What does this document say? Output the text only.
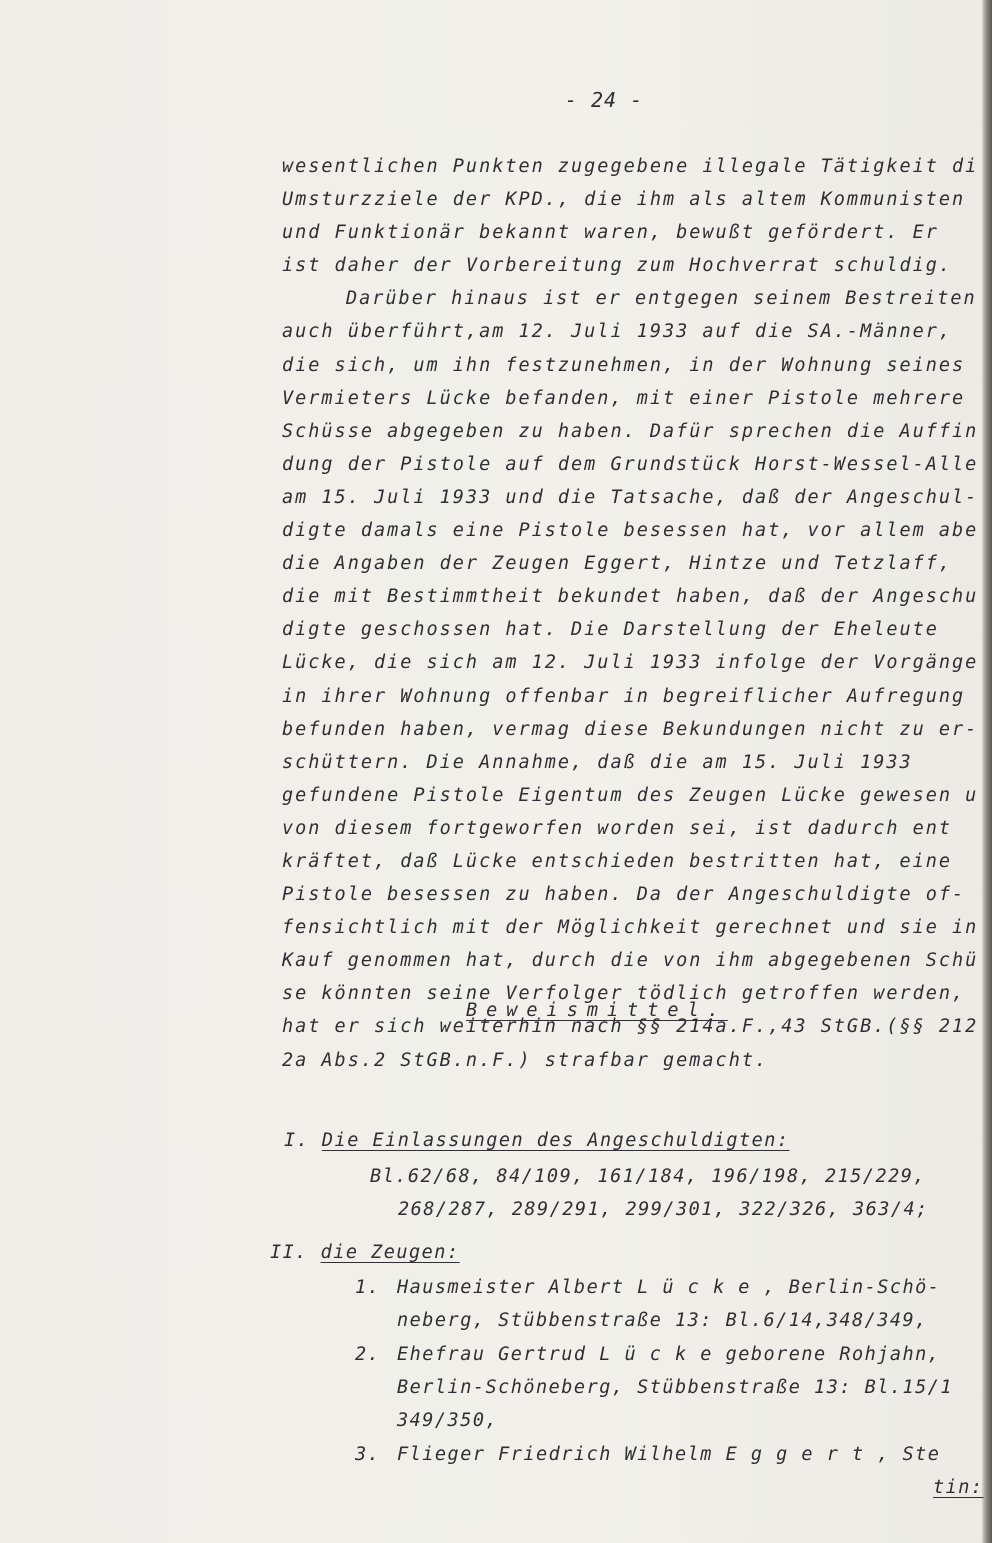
- 24 -
wesentlichen Punkten zugegebene illegale Tätigkeit di
Umsturzziele der KPD., die ihm als altem Kommunisten
und Funktionär bekannt waren, bewußt gefördert. Er
ist daher der Vorbereitung zum Hochverrat schuldig.
Darüber hinaus ist er entgegen seinem Bestreiten
auch überführt,am 12. Juli 1933 auf die SA.-Männer,
die sich, um ihn festzunehmen, in der Wohnung seines
Vermieters Lücke befanden, mit einer Pistole mehrere
Schüsse abgegeben zu haben. Dafür sprechen die Auffin
dung der Pistole auf dem Grundstück Horst-Wessel-Alle
am 15. Juli 1933 und die Tatsache, daß der Angeschul-
digte damals eine Pistole besessen hat, vor allem abe
die Angaben der Zeugen Eggert, Hintze und Tetzlaff,
die mit Bestimmtheit bekundet haben, daß der Angeschu
digte geschossen hat. Die Darstellung der Eheleute
Lücke, die sich am 12. Juli 1933 infolge der Vorgänge
in ihrer Wohnung offenbar in begreiflicher Aufregung
befunden haben, vermag diese Bekundungen nicht zu er-
schüttern. Die Annahme, daß die am 15. Juli 1933
gefundene Pistole Eigentum des Zeugen Lücke gewesen u
von diesem fortgeworfen worden sei, ist dadurch ent
kräftet, daß Lücke entschieden bestritten hat, eine
Pistole besessen zu haben. Da der Angeschuldigte of-
fensichtlich mit der Möglichkeit gerechnet und sie in
Kauf genommen hat, durch die von ihm abgegebenen Schü
se könnten seine Verfolger tödlich getroffen werden,
hat er sich weiterhin nach §§ 214a.F.,43 StGB.(§§ 212
2a Abs.2 StGB.n.F.) strafbar gemacht.
Beweismittel.
I. Die Einlassungen des Angeschuldigten:
Bl.62/68, 84/109, 161/184, 196/198, 215/229,
268/287, 289/291, 299/301, 322/326, 363/4;
II. die Zeugen:
1. Hausmeister Albert L ü c k e , Berlin-Schö-
neberg, Stübbenstraße 13: Bl.6/14,348/349,
2. Ehefrau Gertrud L ü c k e geborene Rohjahn,
Berlin-Schöneberg, Stübbenstraße 13: Bl.15/1
349/350,
3. Flieger Friedrich Wilhelm E g g e r t , Ste
tin:
